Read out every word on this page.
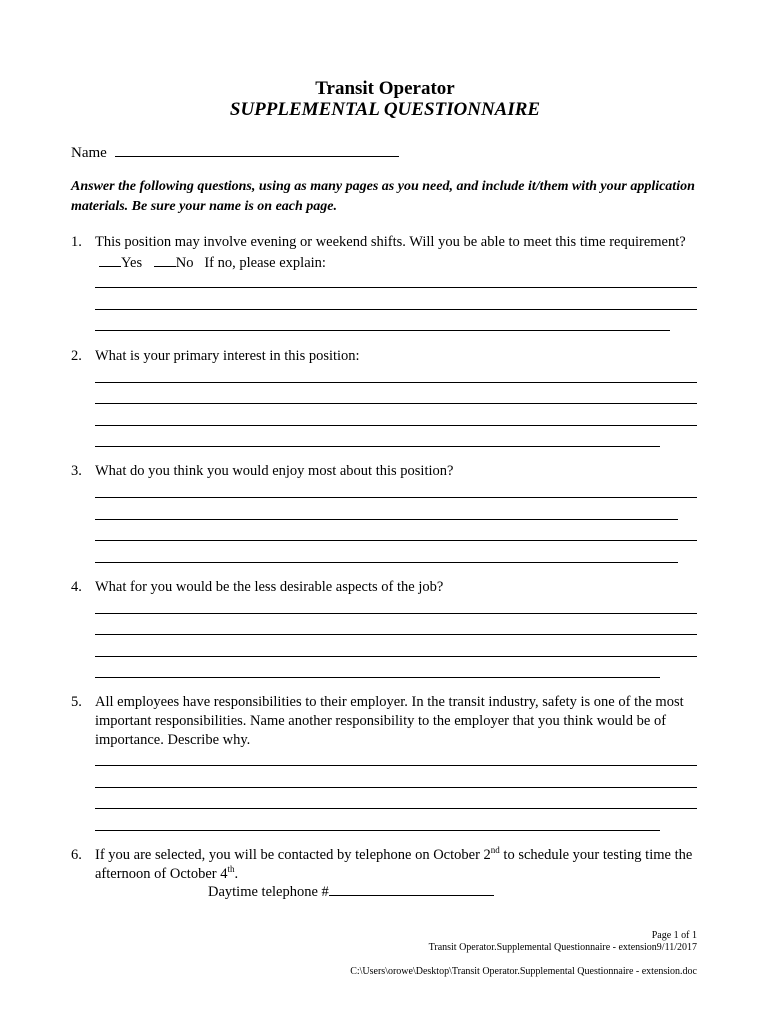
Transit Operator
SUPPLEMENTAL QUESTIONNAIRE
Name
Answer the following questions, using as many pages as you need, and include it/them with your application materials. Be sure your name is on each page.
1. This position may involve evening or weekend shifts. Will you be able to meet this time requirement? Yes No If no, please explain:
2. What is your primary interest in this position:
3. What do you think you would enjoy most about this position?
4. What for you would be the less desirable aspects of the job?
5. All employees have responsibilities to their employer. In the transit industry, safety is one of the most important responsibilities. Name another responsibility to the employer that you think would be of importance. Describe why.
6. If you are selected, you will be contacted by telephone on October 2nd to schedule your testing time the afternoon of October 4th.
Daytime telephone #
Page 1 of 1
Transit Operator.Supplemental Questionnaire - extension9/11/2017
C:\Users\orowe\Desktop\Transit Operator.Supplemental Questionnaire - extension.doc
